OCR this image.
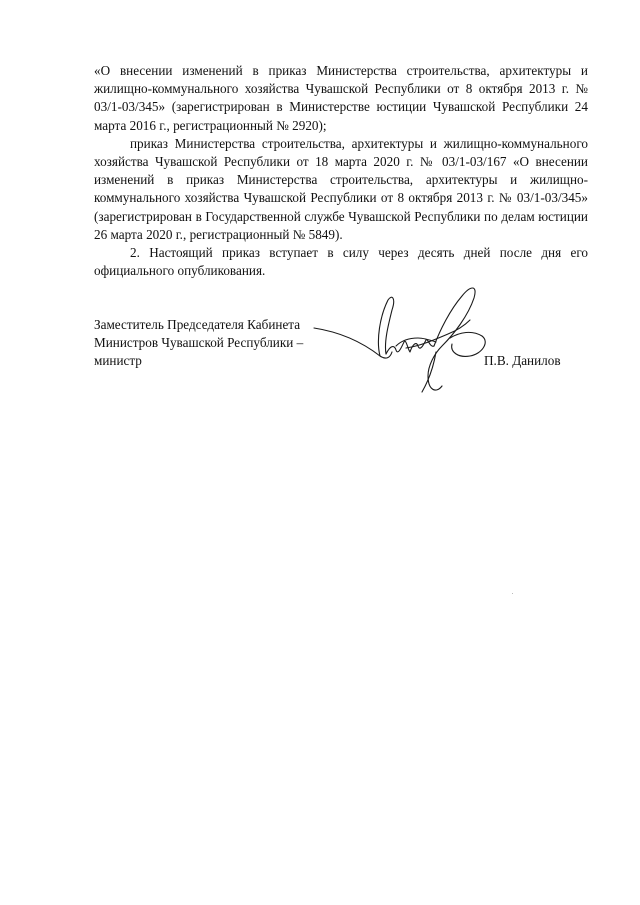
«О внесении изменений в приказ Министерства строительства, архитектуры и жилищно-коммунального хозяйства Чувашской Республики от 8 октября 2013 г. № 03/1-03/345» (зарегистрирован в Министерстве юстиции Чувашской Республики 24 марта 2016 г., регистрационный № 2920);

приказ Министерства строительства, архитектуры и жилищно-коммунального хозяйства Чувашской Республики от 18 марта 2020 г. № 03/1-03/167 «О внесении изменений в приказ Министерства строительства, архитектуры и жилищно-коммунального хозяйства Чувашской Республики от 8 октября 2013 г. № 03/1-03/345» (зарегистрирован в Государственной службе Чувашской Республики по делам юстиции 26 марта 2020 г., регистрационный № 5849).

2. Настоящий приказ вступает в силу через десять дней после дня его официального опубликования.

Заместитель Председателя Кабинета
Министров Чувашской Республики –
министр	П.В. Данилов
